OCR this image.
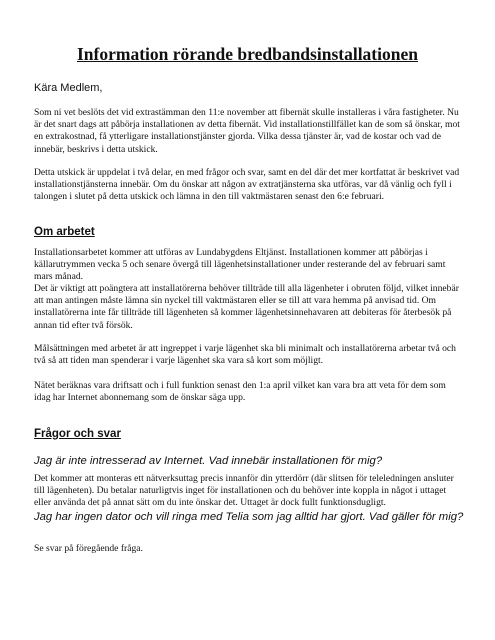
Information rörande bredbandsinstallationen

Kära Medlem,

Som ni vet beslöts det vid extrastämman den 11:e november att fibernät skulle installeras i våra fastigheter. Nu är det snart dags att påbörja installationen av detta fibernät. Vid installationstillfället kan de som så önskar, mot en extrakostnad, få ytterligare installationstjänster gjorda. Vilka dessa tjänster är, vad de kostar och vad de innebär, beskrivs i detta utskick.

Detta utskick är uppdelat i två delar, en med frågor och svar, samt en del där det mer kortfattat är beskrivet vad installationstjänsterna innebär. Om du önskar att någon av extratjänsterna ska utföras, var då vänlig och fyll i talongen i slutet på detta utskick och lämna in den till vaktmästaren senast den 6:e februari.

Om arbetet

Installationsarbetet kommer att utföras av Lundabygdens Eltjänst. Installationen kommer att påbörjas i källarutrymmen vecka 5 och senare övergå till lägenhetsinstallationer under resterande del av februari samt mars månad.

Det är viktigt att poängtera att installatörerna behöver tillträde till alla lägenheter i obruten följd, vilket innebär att man antingen måste lämna sin nyckel till vaktmästaren eller se till att vara hemma på anvisad tid. Om installatörerna inte får tillträde till lägenheten så kommer lägenhetsinnehavaren att debiteras för återbesök på annan tid efter två försök.

Målsättningen med arbetet är att ingreppet i varje lägenhet ska bli minimalt och installatörerna arbetar två och två så att tiden man spenderar i varje lägenhet ska vara så kort som möjligt.

Nätet beräknas vara driftsatt och i full funktion senast den 1:a april vilket kan vara bra att veta för dem som idag har Internet abonnemang som de önskar säga upp.

Frågor och svar

Jag är inte intresserad av Internet. Vad innebär installationen för mig?

Det kommer att monteras ett nätverksuttag precis innanför din ytterdörr (där slitsen för teleledningen ansluter till lägenheten). Du betalar naturligtvis inget för installationen och du behöver inte koppla in något i uttaget eller använda det på annat sätt om du inte önskar det. Uttaget är dock fullt funktionsdugligt.

Jag har ingen dator och vill ringa med Telia som jag alltid har gjort. Vad gäller för mig?

Se svar på föregående fråga.
